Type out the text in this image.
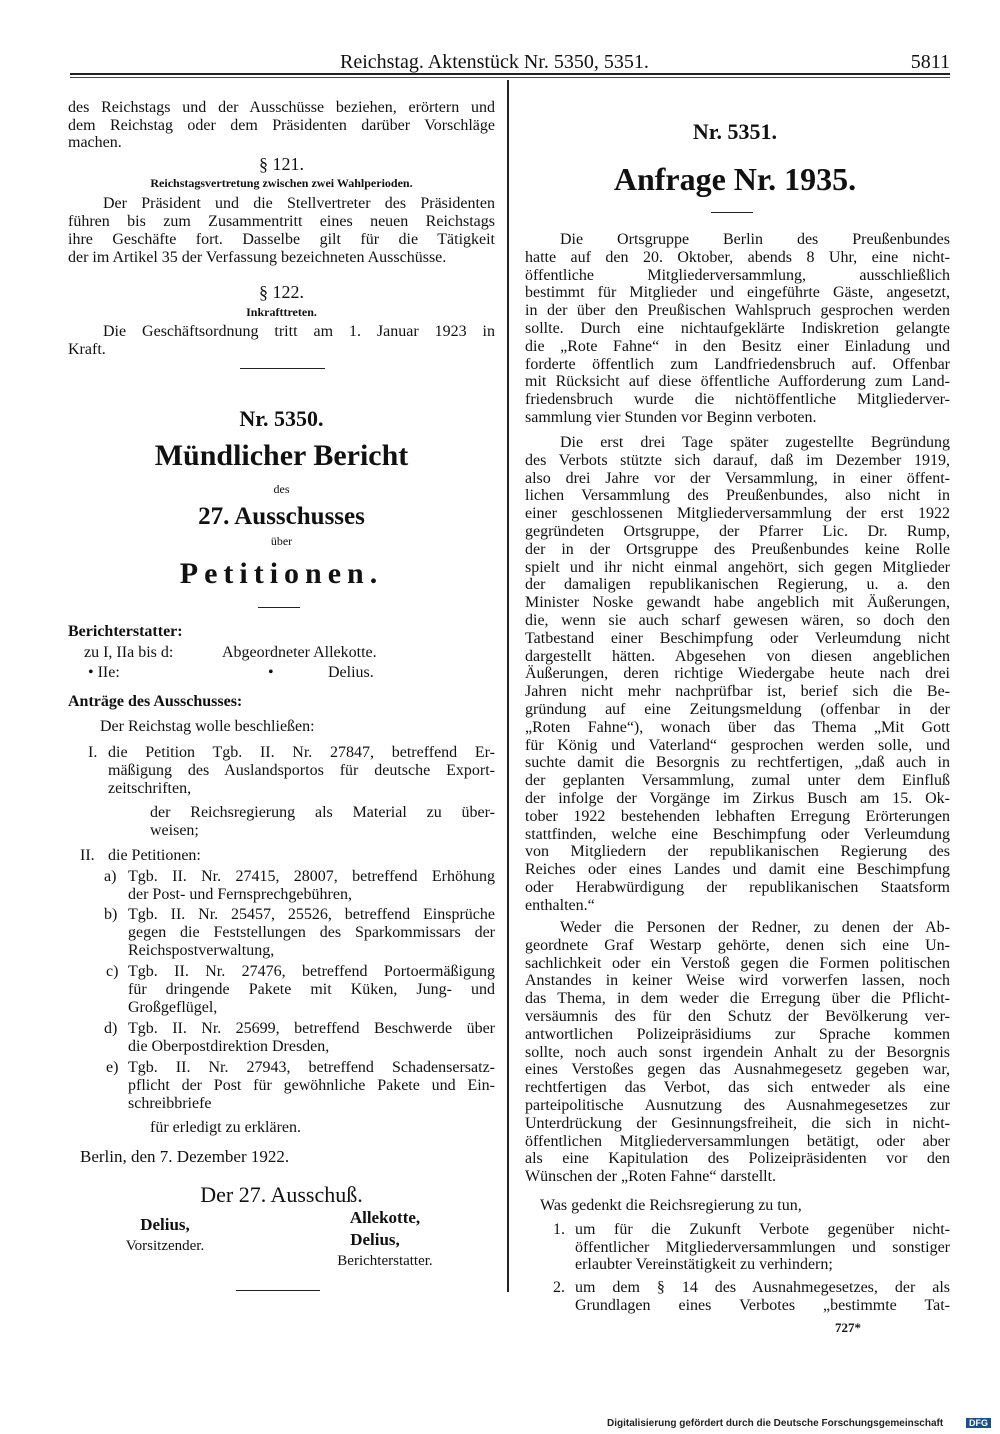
Reichstag. Aktenstück Nr. 5350, 5351.	5811
des Reichstags und der Ausschüsse beziehen, erörtern und
dem Reichstag oder dem Präsidenten darüber Vorschläge
machen.
Der Präsident und die Stellvertreter des Präsidenten
führen bis zum Zusammentritt eines neuen Reichstags
ihre Geschäfte fort. Dasselbe gilt für die Tätigkeit
der im Artikel 35 der Verfassung bezeichneten Ausschüsse.
Die Geschäftsordnung tritt am 1. Januar 1923 in
Kraft.
die Petition Tgb. II. Nr. 27847, betreffend Er-
mäßigung des Auslandsportos für deutsche Export-
zeitschriften,
der Reichsregierung als Material zu über-
weisen;
Tgb. II. Nr. 27415, 28007, betreffend Erhöhung
der Post- und Fernsprechgebühren,
Tgb. II. Nr. 25457, 25526, betreffend Einsprüche
gegen die Feststellungen des Sparkommissars der
Reichspostverwaltung,
Tgb. II. Nr. 27476, betreffend Portoermäßigung
für dringende Pakete mit Küken, Jung- und
Großgeflügel,
Tgb. II. Nr. 25699, betreffend Beschwerde über
die Oberpostdirektion Dresden,
Tgb. II. Nr. 27943, betreffend Schadensersatz-
pflicht der Post für gewöhnliche Pakete und Ein-
schreibbriefe
Die Ortsgruppe Berlin des Preußenbundes
hatte auf den 20. Oktober, abends 8 Uhr, eine nicht-
öffentliche Mitgliederversammlung, ausschließlich
bestimmt für Mitglieder und eingeführte Gäste, angesetzt,
in der über den Preußischen Wahlspruch gesprochen werden
sollte. Durch eine nichtaufgeklärte Indiskretion gelangte
die „Rote Fahne“ in den Besitz einer Einladung und
forderte öffentlich zum Landfriedensbruch auf. Offenbar
mit Rücksicht auf diese öffentliche Aufforderung zum Land-
friedensbruch wurde die nichtöffentliche Mitgliederver-
sammlung vier Stunden vor Beginn verboten.
Die erst drei Tage später zugestellte Begründung
des Verbots stützte sich darauf, daß im Dezember 1919,
also drei Jahre vor der Versammlung, in einer öffent-
lichen Versammlung des Preußenbundes, also nicht in
einer geschlossenen Mitgliederversammlung der erst 1922
gegründeten Ortsgruppe, der Pfarrer Lic. Dr. Rump,
der in der Ortsgruppe des Preußenbundes keine Rolle
spielt und ihr nicht einmal angehört, sich gegen Mitglieder
der damaligen republikanischen Regierung, u. a. den
Minister Noske gewandt habe angeblich mit Äußerungen,
die, wenn sie auch scharf gewesen wären, so doch den
Tatbestand einer Beschimpfung oder Verleumdung nicht
dargestellt hätten. Abgesehen von diesen angeblichen
Äußerungen, deren richtige Wiedergabe heute nach drei
Jahren nicht mehr nachprüfbar ist, berief sich die Be-
gründung auf eine Zeitungsmeldung (offenbar in der
„Roten Fahne“), wonach über das Thema „Mit Gott
für König und Vaterland“ gesprochen werden solle, und
suchte damit die Besorgnis zu rechtfertigen, „daß auch in
der geplanten Versammlung, zumal unter dem Einfluß
der infolge der Vorgänge im Zirkus Busch am 15. Ok-
tober 1922 bestehenden lebhaften Erregung Erörterungen
stattfinden, welche eine Beschimpfung oder Verleumdung
von Mitgliedern der republikanischen Regierung des
Reiches oder eines Landes und damit eine Beschimpfung
oder Herabwürdigung der republikanischen Staatsform
enthalten.“
Weder die Personen der Redner, zu denen der Ab-
geordnete Graf Westarp gehörte, denen sich eine Un-
sachlichkeit oder ein Verstoß gegen die Formen politischen
Anstandes in keiner Weise wird vorwerfen lassen, noch
das Thema, in dem weder die Erregung über die Pflicht-
versäumnis des für den Schutz der Bevölkerung ver-
antwortlichen Polizeipräsidiums zur Sprache kommen
sollte, noch auch sonst irgendein Anhalt zu der Besorgnis
eines Verstoßes gegen das Ausnahmegesetz gegeben war,
rechtfertigen das Verbot, das sich entweder als eine
parteipolitische Ausnutzung des Ausnahmegesetzes zur
Unterdrückung der Gesinnungsfreiheit, die sich in nicht-
öffentlichen Mitgliederversammlungen betätigt, oder aber
als eine Kapitulation des Polizeipräsidenten vor den
Wünschen der „Roten Fahne“ darstellt.
um für die Zukunft Verbote gegenüber nicht-
öffentlicher Mitgliederversammlungen und sonstiger
erlaubter Vereinstätigkeit zu verhindern;
um dem § 14 des Ausnahmegesetzes, der als
Grundlagen eines Verbotes „bestimmte Tat-
§ 121.
Reichstagsvertretung zwischen zwei Wahlperioden.
§ 122.
Inkrafttreten.
Nr. 5350.
Mündlicher Bericht
des
27. Ausschusses
über
Petitionen.
Berichterstatter:
zu I, IIa bis d:	Abgeordneter Allekotte.
• IIe:	•	Delius.
Anträge des Ausschusses:
Der Reichstag wolle beschließen:
I.
II. die Petitionen:
a)
b)
c)
d)
e)
für erledigt zu erklären.
Berlin, den 7. Dezember 1922.
Der 27. Ausschuß.
Delius,
Vorsitzender.
Allekotte,
Delius,
Berichterstatter.
Nr. 5351.
Anfrage Nr. 1935.
Was gedenkt die Reichsregierung zu tun,
1.
2.
727*
Digitalisierung gefördert durch die Deutsche Forschungsgemeinschaft	DFG
